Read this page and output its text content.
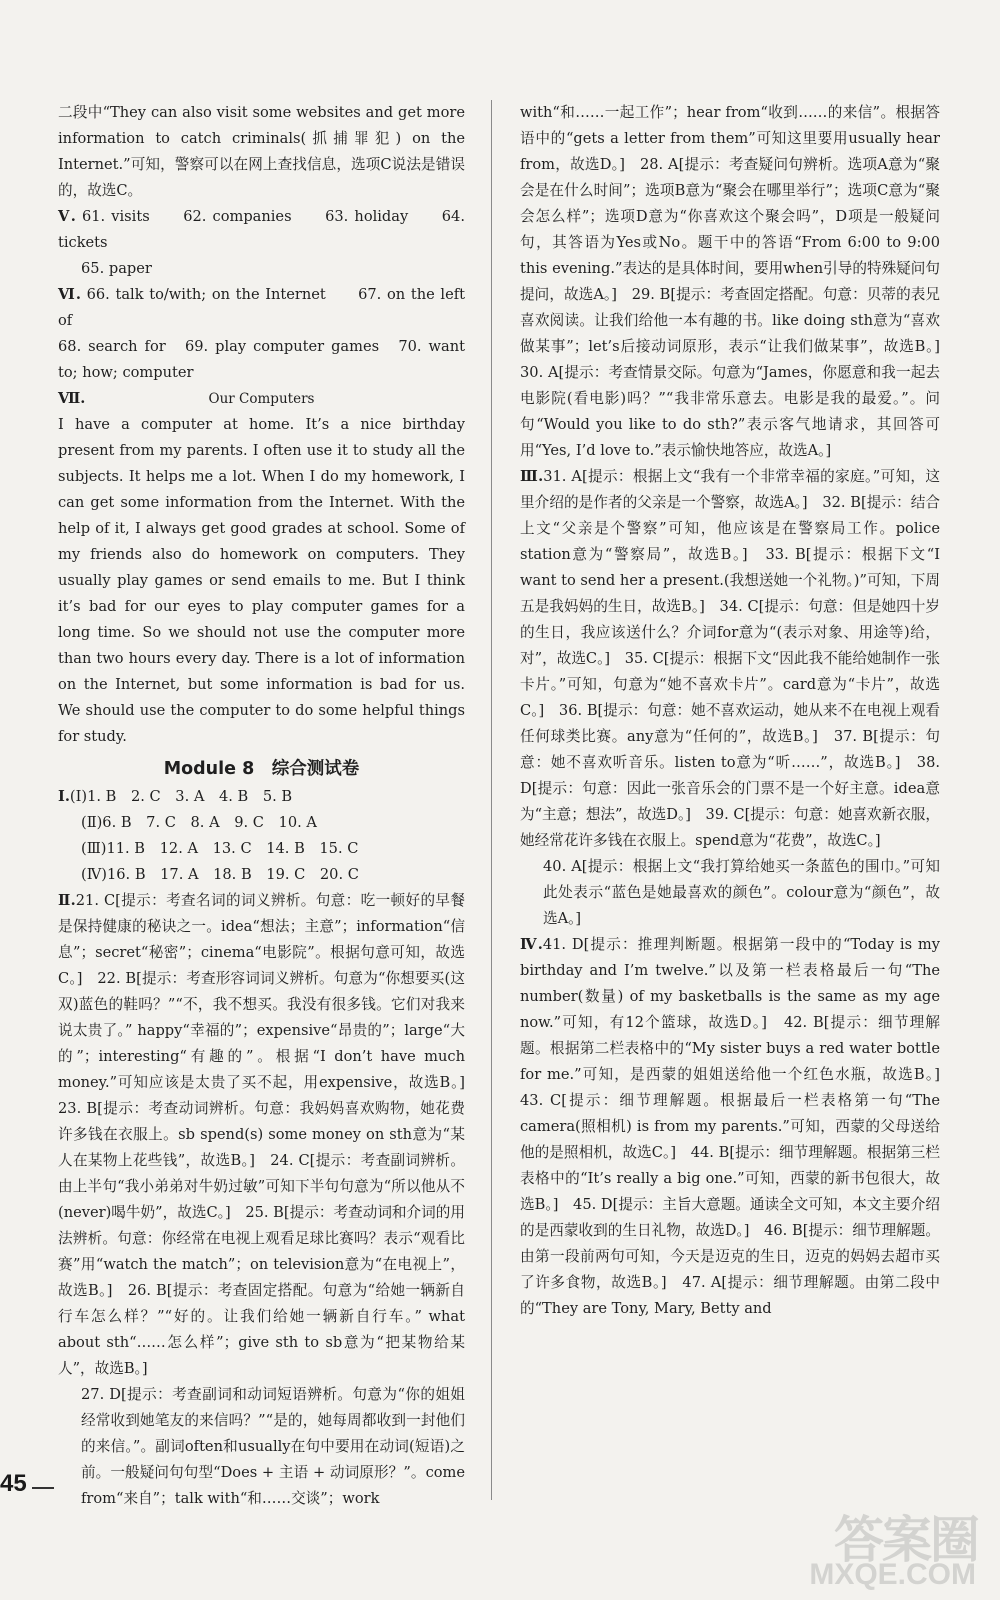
二段中“They can also visit some websites and get more information to catch criminals(抓捕罪犯) on the Internet.”可知，警察可以在网上查找信息，选项C说法是错误的，故选C。

Ⅴ. 61. visits　　62. companies　　63. holiday　　64. tickets

65. paper

Ⅵ. 66. talk to/with; on the Internet　　67. on the left of

68. search for　69. play computer games　70. want to; how; computer

Ⅶ.	Our Computers

I have a computer at home. It’s a nice birthday present from my parents. I often use it to study all the subjects. It helps me a lot. When I do my homework, I can get some information from the Internet. With the help of it, I always get good grades at school. Some of my friends also do homework on computers. They usually play games or send emails to me. But I think it’s bad for our eyes to play computer games for a long time. So we should not use the computer more than two hours every day. There is a lot of information on the Internet, but some information is bad for us. We should use the computer to do some helpful things for study.

Module 8　综合测试卷

Ⅰ.(Ⅰ)1. B　2. C　3. A　4. B　5. B

(Ⅱ)6. B　7. C　8. A　9. C　10. A

(Ⅲ)11. B　12. A　13. C　14. B　15. C

(Ⅳ)16. B　17. A　18. B　19. C　20. C

Ⅱ.21. C[提示：考查名词的词义辨析。句意：吃一顿好的早餐是保持健康的秘诀之一。idea“想法；主意”；information“信息”；secret“秘密”；cinema“电影院”。根据句意可知，故选C。]　22. B[提示：考查形容词词义辨析。句意为“你想要买(这双)蓝色的鞋吗？”“不，我不想买。我没有很多钱。它们对我来说太贵了。” happy“幸福的”；expensive“昂贵的”；large“大的”；interesting“有趣的”。根据“I don’t have much money.”可知应该是太贵了买不起，用expensive，故选B。]　23. B[提示：考查动词辨析。句意：我妈妈喜欢购物，她花费许多钱在衣服上。sb spend(s) some money on sth意为“某人在某物上花些钱”，故选B。]　24. C[提示：考查副词辨析。由上半句“我小弟弟对牛奶过敏”可知下半句句意为“所以他从不(never)喝牛奶”，故选C。]　25. B[提示：考查动词和介词的用法辨析。句意：你经常在电视上观看足球比赛吗？表示“观看比赛”用“watch the match”；on television意为“在电视上”，故选B。]　26. B[提示：考查固定搭配。句意为“给她一辆新自行车怎么样？”“好的。让我们给她一辆新自行车。” what about sth“……怎么样”；give sth to sb意为“把某物给某人”，故选B。]

27. D[提示：考查副词和动词短语辨析。句意为“你的姐姐经常收到她笔友的来信吗？”“是的，她每周都收到一封他们的来信。”。副词often和usually在句中要用在动词(短语)之前。一般疑问句句型“Does + 主语 + 动词原形？”。come from“来自”；talk with“和……交谈”；work

with“和……一起工作”；hear from“收到……的来信”。根据答语中的“gets a letter from them”可知这里要用usually hear from，故选D。]　28. A[提示：考查疑问句辨析。选项A意为“聚会是在什么时间”；选项B意为“聚会在哪里举行”；选项C意为“聚会怎么样”；选项D意为“你喜欢这个聚会吗”，D项是一般疑问句，其答语为Yes或No。题干中的答语“From 6:00 to 9:00 this evening.”表达的是具体时间，要用when引导的特殊疑问句提问，故选A。]　29. B[提示：考查固定搭配。句意：贝蒂的表兄喜欢阅读。让我们给他一本有趣的书。like doing sth意为“喜欢做某事”；let’s后接动词原形，表示“让我们做某事”，故选B。]　30. A[提示：考查情景交际。句意为“James，你愿意和我一起去电影院(看电影)吗？”“我非常乐意去。电影是我的最爱。”。问句“Would you like to do sth?”表示客气地请求，其回答可用“Yes, I’d love to.”表示愉快地答应，故选A。]

Ⅲ.31. A[提示：根据上文“我有一个非常幸福的家庭。”可知，这里介绍的是作者的父亲是一个警察，故选A。]　32. B[提示：结合上文“父亲是个警察”可知，他应该是在警察局工作。police station意为“警察局”，故选B。]　33. B[提示：根据下文“I want to send her a present.(我想送她一个礼物。)”可知，下周五是我妈妈的生日，故选B。]　34. C[提示：句意：但是她四十岁的生日，我应该送什么？介词for意为“(表示对象、用途等)给，对”，故选C。]　35. C[提示：根据下文“因此我不能给她制作一张卡片。”可知，句意为“她不喜欢卡片”。card意为“卡片”，故选C。]　36. B[提示：句意：她不喜欢运动，她从来不在电视上观看任何球类比赛。any意为“任何的”，故选B。]　37. B[提示：句意：她不喜欢听音乐。listen to意为“听……”，故选B。]　38. D[提示：句意：因此一张音乐会的门票不是一个好主意。idea意为“主意；想法”，故选D。]　39. C[提示：句意：她喜欢新衣服，她经常花许多钱在衣服上。spend意为“花费”，故选C。]

40. A[提示：根据上文“我打算给她买一条蓝色的围巾。”可知此处表示“蓝色是她最喜欢的颜色”。colour意为“颜色”，故选A。]

Ⅳ.41. D[提示：推理判断题。根据第一段中的“Today is my birthday and I’m twelve.”以及第一栏表格最后一句“The number(数量) of my basketballs is the same as my age now.”可知，有12个篮球，故选D。]　42. B[提示：细节理解题。根据第二栏表格中的“My sister buys a red water bottle for me.”可知，是西蒙的姐姐送给他一个红色水瓶，故选B。]　43. C[提示：细节理解题。根据最后一栏表格第一句“The camera(照相机) is from my parents.”可知，西蒙的父母送给他的是照相机，故选C。]　44. B[提示：细节理解题。根据第三栏表格中的“It’s really a big one.”可知，西蒙的新书包很大，故选B。]　45. D[提示：主旨大意题。通读全文可知，本文主要介绍的是西蒙收到的生日礼物，故选D。]　46. B[提示：细节理解题。由第一段前两句可知，今天是迈克的生日，迈克的妈妈去超市买了许多食物，故选B。]　47. A[提示：细节理解题。由第二段中的“They are Tony, Mary, Betty and

45
答案圈
MXQE.COM
